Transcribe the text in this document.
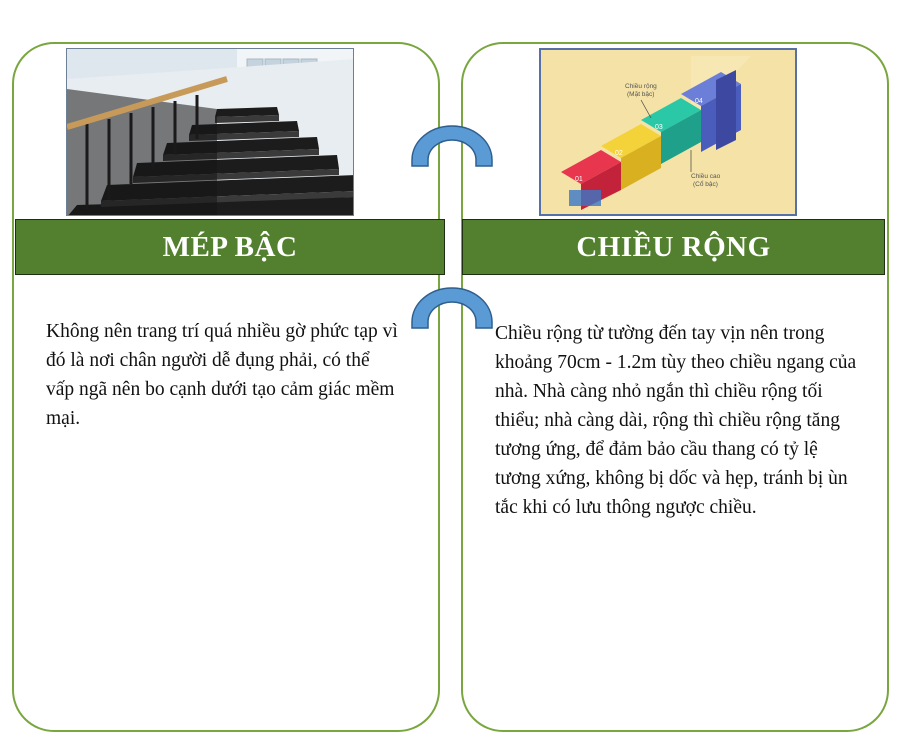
01
02
03
04
Chiều rộng
(Mặt bậc)
Chiều cao
(Cổ bậc)
MÉP BẬC	CHIỀU RỘNG
Không nên trang trí quá nhiều gờ phức tạp vì đó là nơi chân người dễ đụng phải, có thể vấp ngã nên bo cạnh dưới tạo cảm giác mềm mại.
Chiều rộng từ tường đến tay vịn nên trong khoảng 70cm - 1.2m tùy theo chiều ngang của nhà. Nhà càng nhỏ ngắn thì chiều rộng tối thiểu; nhà càng dài, rộng thì chiều rộng tăng tương ứng, để đảm bảo cầu thang có tỷ lệ tương xứng, không bị dốc và hẹp, tránh bị ùn tắc khi có lưu thông ngược chiều.
